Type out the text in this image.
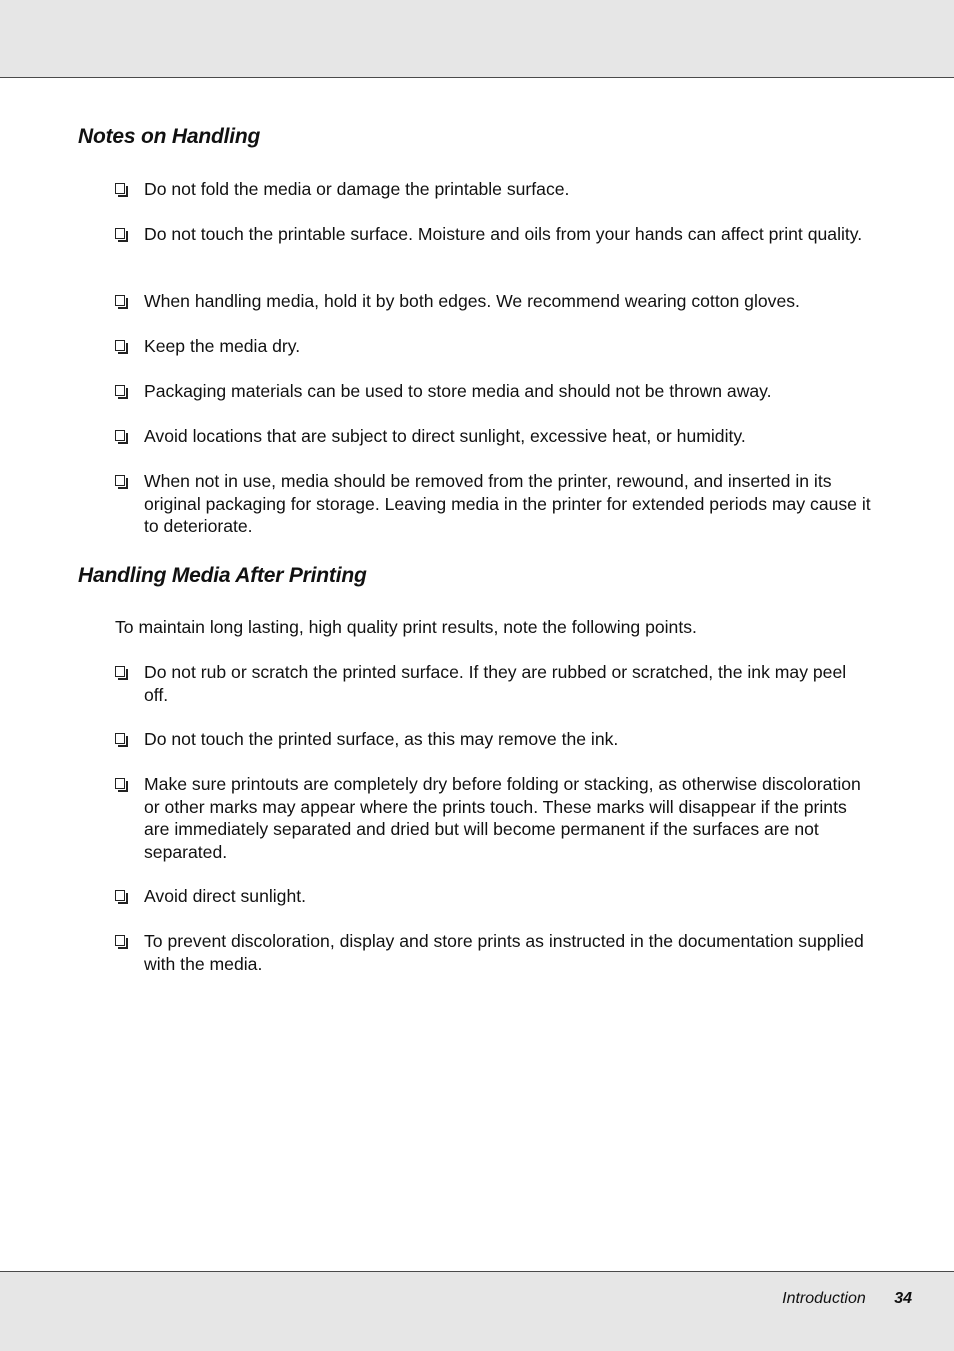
Notes on Handling
Do not fold the media or damage the printable surface.
Do not touch the printable surface. Moisture and oils from your hands can affect print quality.
When handling media, hold it by both edges. We recommend wearing cotton gloves.
Keep the media dry.
Packaging materials can be used to store media and should not be thrown away.
Avoid locations that are subject to direct sunlight, excessive heat, or humidity.
When not in use, media should be removed from the printer, rewound, and inserted in its original packaging for storage. Leaving media in the printer for extended periods may cause it to deteriorate.
Handling Media After Printing

To maintain long lasting, high quality print results, note the following points.

Do not rub or scratch the printed surface. If they are rubbed or scratched, the ink may peel off.
Do not touch the printed surface, as this may remove the ink.
Make sure printouts are completely dry before folding or stacking, as otherwise discoloration or other marks may appear where the prints touch. These marks will disappear if the prints are immediately separated and dried but will become permanent if the surfaces are not separated.
Avoid direct sunlight.
To prevent discoloration, display and store prints as instructed in the documentation supplied with the media.
Introduction 34
